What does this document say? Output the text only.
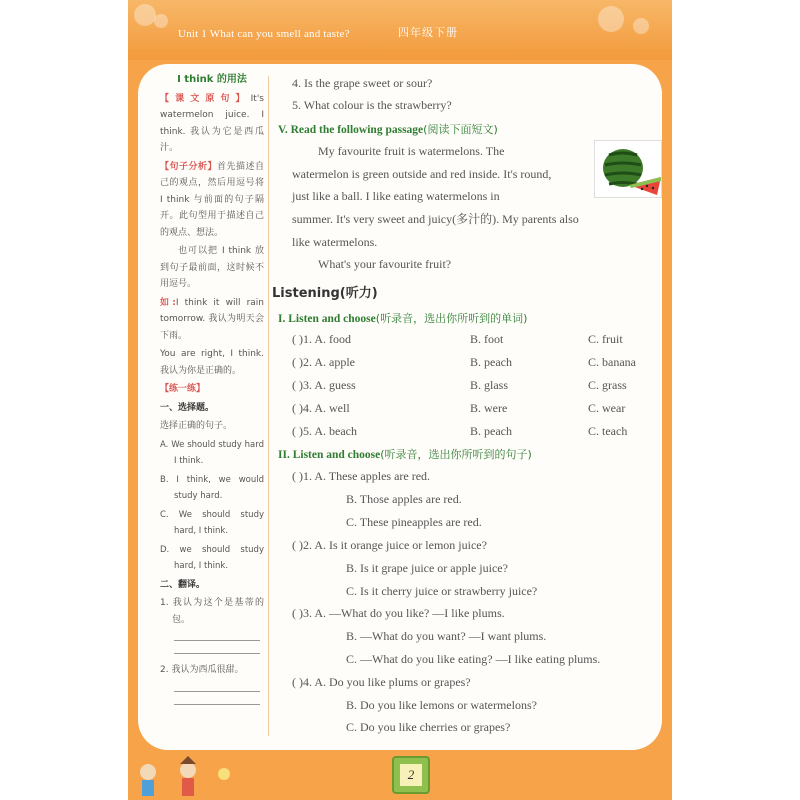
Unit 1 What can you smell and taste?	四年级下册
I think 的用法
【课文原句】It's watermelon juice. I think. 我认为它是西瓜汁。
【句子分析】首先描述自己的观点，然后用逗号将 I think 与前面的句子隔开。此句型用于描述自己的观点、想法。
也可以把 I think 放到句子最前面，这时候不用逗号。
如:I think it will rain tomorrow. 我认为明天会下雨。
You are right, I think. 我认为你是正确的。
【练一练】
一、选择题。
选择正确的句子。
A. We should study hard I think.
B. I think, we would study hard.
C. We should study hard, I think.
D. we should study hard, I think.
二、翻译。
1. 我认为这个是基蒂的包。
2. 我认为西瓜很甜。
4. Is the grape sweet or sour?
5. What colour is the strawberry?
V. Read the following passage(阅读下面短文)
My favourite fruit is watermelons. The
watermelon is green outside and red inside. It's round,
just like a ball. I like eating watermelons in
summer. It's very sweet and juicy(多汁的). My parents also
like watermelons.
What's your favourite fruit?
Listening(听力)
I. Listen and choose(听录音，选出你所听到的单词)
( )1. A. food	B. foot	C. fruit
( )2. A. apple	B. peach	C. banana
( )3. A. guess	B. glass	C. grass
( )4. A. well	B. were	C. wear
( )5. A. beach	B. peach	C. teach
II. Listen and choose(听录音，选出你所听到的句子)
( )1. A. These apples are red.
B. Those apples are red.
C. These pineapples are red.
( )2. A. Is it orange juice or lemon juice?
B. Is it grape juice or apple juice?
C. Is it cherry juice or strawberry juice?
( )3. A. —What do you like? —I like plums.
B. —What do you want? —I want plums.
C. —What do you like eating? —I like eating plums.
( )4. A. Do you like plums or grapes?
B. Do you like lemons or watermelons?
C. Do you like cherries or grapes?
2
